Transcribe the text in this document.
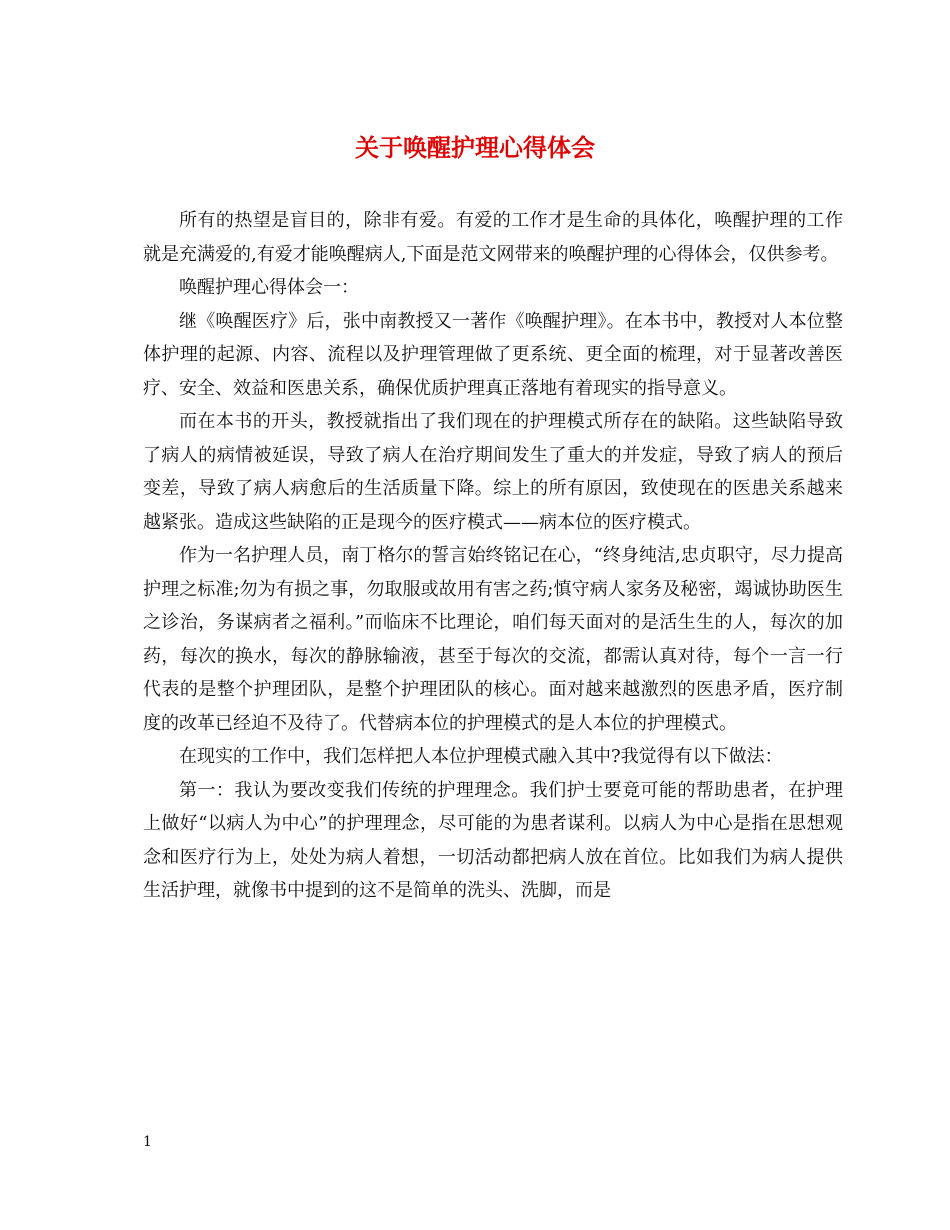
关于唤醒护理心得体会

所有的热望是盲目的，除非有爱。有爱的工作才是生命的具体化，唤醒护理的工作就是充满爱的,有爱才能唤醒病人,下面是范文网带来的唤醒护理的心得体会，仅供参考。

唤醒护理心得体会一：

继《唤醒医疗》后，张中南教授又一著作《唤醒护理》。在本书中，教授对人本位整体护理的起源、内容、流程以及护理管理做了更系统、更全面的梳理，对于显著改善医疗、安全、效益和医患关系，确保优质护理真正落地有着现实的指导意义。

而在本书的开头，教授就指出了我们现在的护理模式所存在的缺陷。这些缺陷导致了病人的病情被延误，导致了病人在治疗期间发生了重大的并发症，导致了病人的预后变差，导致了病人病愈后的生活质量下降。综上的所有原因，致使现在的医患关系越来越紧张。造成这些缺陷的正是现今的医疗模式——病本位的医疗模式。

作为一名护理人员，南丁格尔的誓言始终铭记在心，“终身纯洁,忠贞职守，尽力提高护理之标准;勿为有损之事，勿取服或故用有害之药;慎守病人家务及秘密，竭诚协助医生之诊治，务谋病者之福利。”而临床不比理论，咱们每天面对的是活生生的人，每次的加药，每次的换水，每次的静脉输液，甚至于每次的交流，都需认真对待，每个一言一行代表的是整个护理团队，是整个护理团队的核心。面对越来越激烈的医患矛盾，医疗制度的改革已经迫不及待了。代替病本位的护理模式的是人本位的护理模式。

在现实的工作中，我们怎样把人本位护理模式融入其中?我觉得有以下做法：

第一：我认为要改变我们传统的护理理念。我们护士要竟可能的帮助患者，在护理上做好“以病人为中心”的护理理念，尽可能的为患者谋利。以病人为中心是指在思想观念和医疗行为上，处处为病人着想，一切活动都把病人放在首位。比如我们为病人提供生活护理，就像书中提到的这不是简单的洗头、洗脚，而是

1
